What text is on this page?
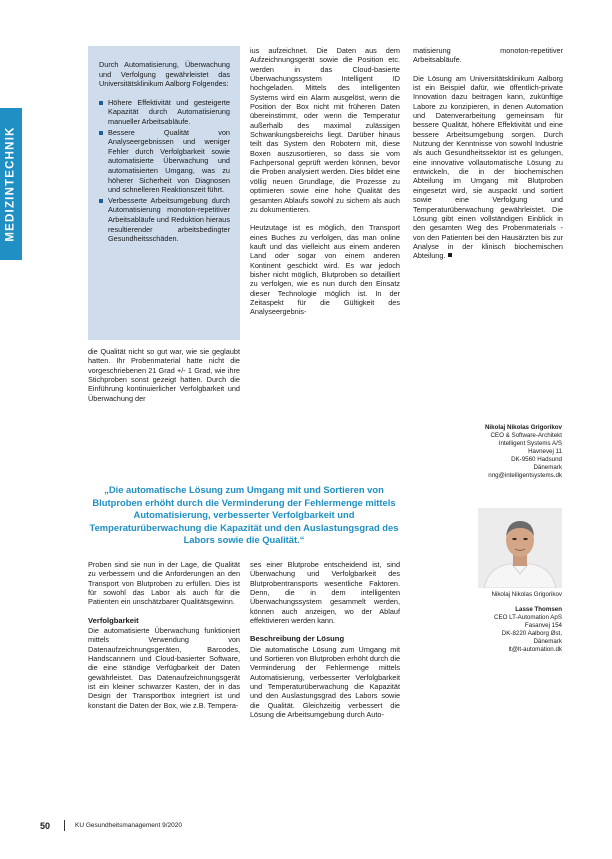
MEDIZINTECHNIK

Durch Automatisierung, Überwachung und Verfolgung gewährleistet das Universitätsklinikum Aalborg Folgendes:

Höhere Effektivität und gesteigerte Kapazität durch Automatisierung manueller Arbeitsabläufe.
Bessere Qualität von Analyseergebnissen und weniger Fehler durch Verfolgbarkeit sowie automatisierte Überwachung und automatisierten Umgang, was zu höherer Sicherheit von Diagnosen und schnelleren Reaktionszeit führt.
Verbesserte Arbeitsumgebung durch Automatisierung monoton-repetitiver Arbeitsabläufe und Reduktion hieraus resultierender arbeitsbedingter Gesundheitsschäden.

die Qualität nicht so gut war, wie sie geglaubt hatten. Ihr Probenmaterial hatte nicht die vorgeschriebenen 21 Grad +/- 1 Grad, wie ihre Stichproben sonst gezeigt hatten. Durch die Einführung kontinuierlicher Verfolgbarkeit und Überwachung der

ius aufzeichnet. Die Daten aus dem Aufzeichnungsgerät sowie die Position etc. werden in das Cloud-basierte Überwachungssystem Intelligent ID hochgeladen. Mittels des intelligenten Systems wird ein Alarm ausgelöst, wenn die Position der Box nicht mit früheren Daten übereinstimmt, oder wenn die Temperatur außerhalb des maximal zulässigen Schwankungsbereichs liegt. Darüber hinaus teilt das System den Robotern mit, diese Boxen auszusortieren, so dass sie vom Fachpersonal geprüft werden können, bevor die Proben analysiert werden. Dies bildet eine völlig neuen Grundlage, die Prozesse zu optimieren sowie eine hohe Qualität des gesamten Ablaufs sowohl zu sichern als auch zu dokumentieren.

Heutzutage ist es möglich, den Transport eines Buches zu verfolgen, das man online kauft und das vielleicht aus einem anderen Land oder sogar von einem anderen Kontinent geschickt wird. Es war jedoch bisher nicht möglich, Blutproben so detailliert zu verfolgen, wie es nun durch den Einsatz dieser Technologie möglich ist. In der Zeitaspekt für die Gültigkeit des Analyseergebnis-

matisierung monoton-repetitiver Arbeitsabläufe.

Die Lösung am Universitätsklinikum Aalborg ist ein Beispiel dafür, wie öffentlich-private Innovation dazu beitragen kann, zukünftige Labore zu konzipieren, in denen Automation und Datenverarbeitung gemeinsam für bessere Qualität, höhere Effektivität und eine bessere Arbeitsumgebung sorgen. Durch Nutzung der Kenntnisse von sowohl Industrie als auch Gesundheitssektor ist es gelungen, eine innovative vollautomatische Lösung zu entwickeln, die in der biochemischen Abteilung im Umgang mit Blutproben eingesetzt wird, sie auspackt und sortiert sowie eine Verfolgung und Temperaturüberwachung gewährleistet. Die Lösung gibt einen vollständigen Einblick in den gesamten Weg des Probenmaterials - von den Patienten bei den Hausärzten bis zur Analyse in der klinisch biochemischen Abteilung.

Nikolaj Nikolas Grigorikov
CEO & Software-Architekt
Intelligent Systems A/S
Havnevej 11
DK-9560 Hadsund
Dänemark
nng@intelligentsystems.dk
„Die automatische Lösung zum Umgang mit und Sortieren von Blutproben erhöht durch die Verminderung der Fehlermenge mittels Automatisierung, verbesserter Verfolgbarkeit und Temperaturüberwachung die Kapazität und den Auslastungsgrad des Labors sowie die Qualität.“
Nikolaj Nikolas Grigorikov
Lasse Thomsen
CEO LT-Automation ApS
Fasanvej 154
DK-8220 Aalborg Øst,
Dänemark
lt@lt-automation.dk

Proben sind sie nun in der Lage, die Qualität zu verbessern und die Anforderungen an den Transport von Blutproben zu erfüllen. Dies ist für sowohl das Labor als auch für die Patienten ein unschätzbarer Qualitätsgewinn.

Verfolgbarkeit

Die automatisierte Überwachung funktioniert mittels Verwendung von Datenaufzeichnungsgeräten, Barcodes, Handscannern und Cloud-basierter Software, die eine ständige Verfügbarkeit der Daten gewährleistet. Das Datenaufzeichnungsgerät ist ein kleiner schwarzer Kasten, der in das Design der Transportbox integriert ist und konstant die Daten der Box, wie z.B. Tempera-

ses einer Blutprobe entscheidend ist, sind Überwachung und Verfolgbarkeit des Blutprobentransports wesentliche Faktoren. Denn, die in dem intelligenten Überwachungssystem gesammelt werden, können auch anzeigen, wo der Ablauf effektivieren werden kann.

Beschreibung der Lösung

Die automatische Lösung zum Umgang mit und Sortieren von Blutproben erhöht durch die Verminderung der Fehlermenge mittels Automatisierung, verbesserter Verfolgbarkeit und Temperaturüberwachung die Kapazität und den Auslastungsgrad des Labors sowie die Qualität. Gleichzeitig verbessert die Lösung die Arbeitsumgebung durch Auto-

50	KU Gesundheitsmanagement 9/2020
